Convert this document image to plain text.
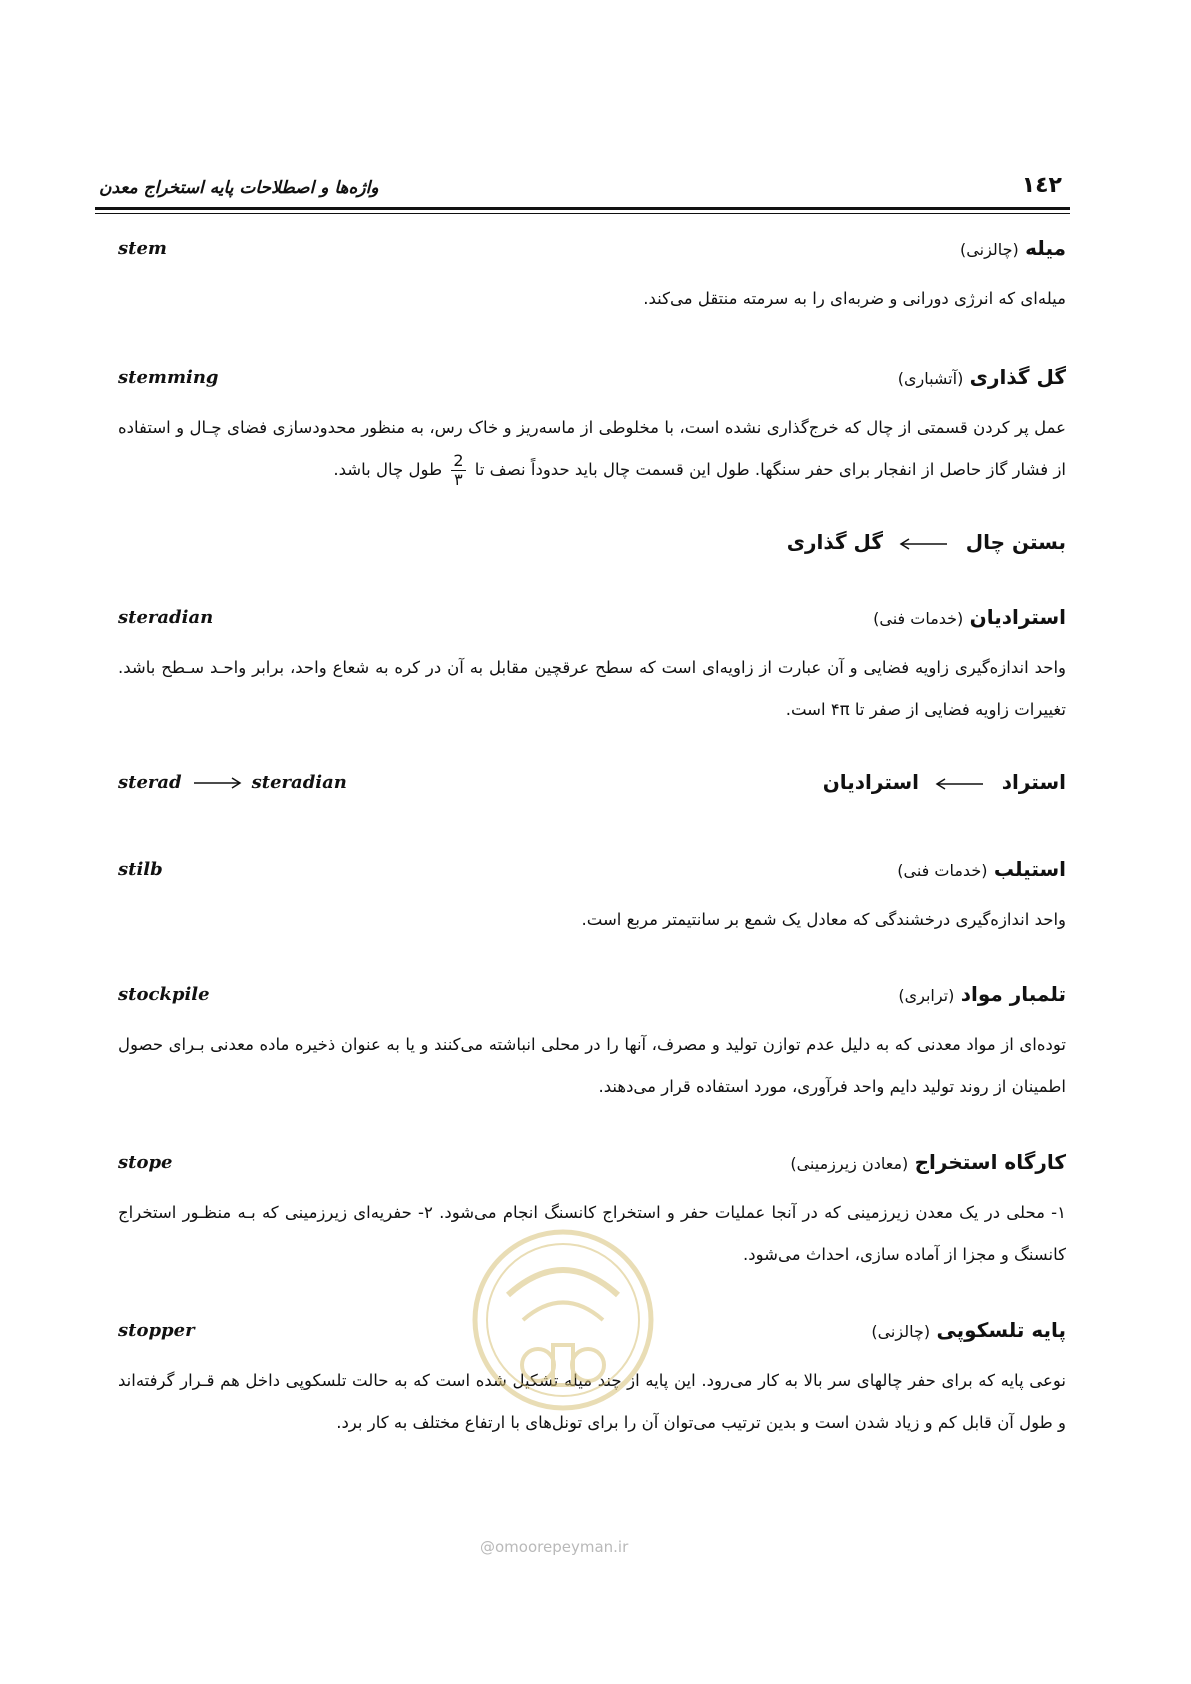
۱٤۲
واژه‌ها و اصطلاحات پایه استخراج معدن
میله (چالزنی)
stem
میله‌ای که انرژی دورانی و ضربه‌ای را به سرمته منتقل می‌کند.
گل گذاری (آتشباری)
stemming
عمل پر کردن قسمتی از چال که خرج‌گذاری نشده است، با مخلوطی از ماسه‌ریز و خاک رس، به منظور محدودسازی فضای چـال و استفاده از فشار گاز حاصل از انفجار برای حفر سنگها. طول این قسمت چال باید حدوداً نصف تا
$\frac{2}{۳}$
طول چال باشد.
بستن چال  گل گذاری
استرادیان (خدمات فنی)
steradian
واحد اندازه‌گیری زاویه فضایی و آن عبارت از زاویه‌ای است که سطح عرقچین مقابل به آن در کره به شعاع واحد، برابر واحـد سـطح باشد. تغییرات زاویه فضایی از صفر تا ۴π است.
استراد  استرادیان
sterad	steradian
استیلب (خدمات فنی)
stilb
واحد اندازه‌گیری درخشندگی که معادل یک شمع بر سانتیمتر مربع است.
تلمبار مواد (ترابری)
stockpile
توده‌ای از مواد معدنی که به دلیل عدم توازن تولید و مصرف، آنها را در محلی انباشته می‌کنند و یا به عنوان ذخیره ماده معدنی بـرای حصول اطمینان از روند تولید دایم واحد فرآوری، مورد استفاده قرار می‌دهند.
کارگاه استخراج (معادن زیرزمینی)
stope
۱- محلی در یک معدن زیرزمینی که در آنجا عملیات حفر و استخراج کانسنگ انجام می‌شود. ۲- حفریه‌ای زیرزمینی که بـه منظـور استخراج کانسنگ و مجزا از آماده سازی، احداث می‌شود.
پایه تلسکوپی (چالزنی)
stopper
نوعی پایه که برای حفر چالهای سر بالا به کار می‌رود. این پایه از چند میله تشکیل شده است که به حالت تلسکوپی داخل هم قـرار گرفته‌اند و طول آن قابل کم و زیاد شدن است و بدین ترتیب می‌توان آن را برای تونل‌های با ارتفاع مختلف به کار برد.
@omoorepeyman.ir
